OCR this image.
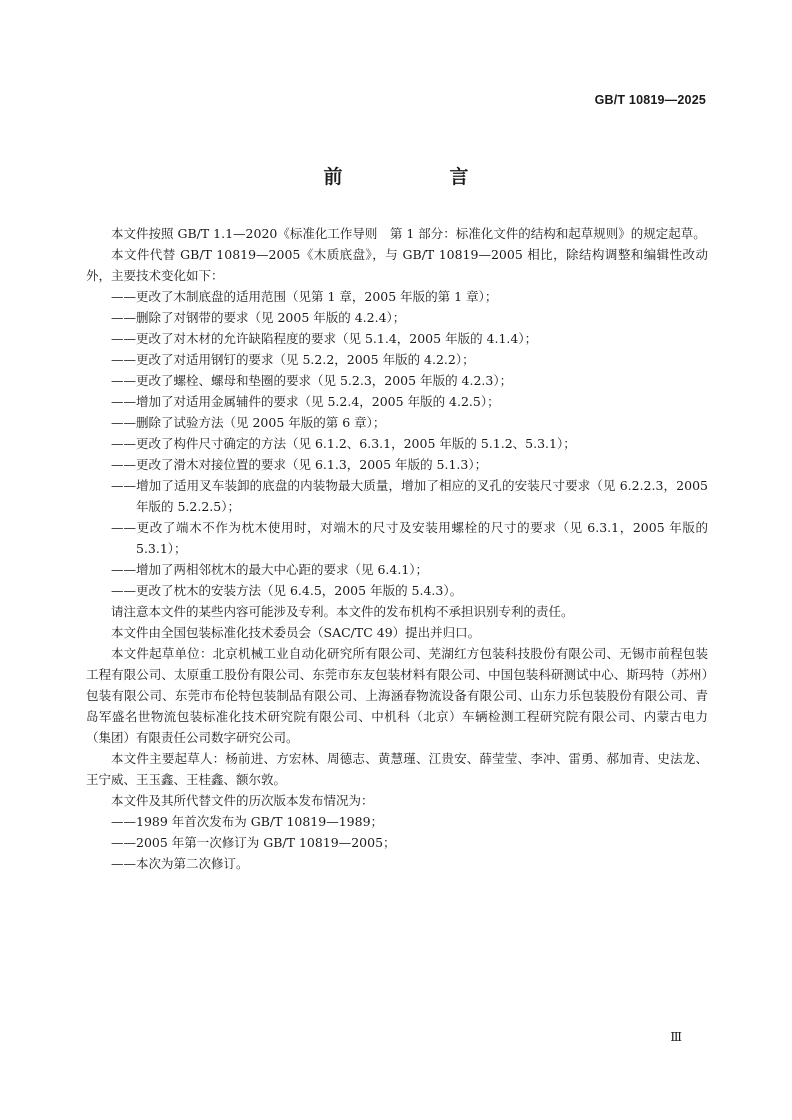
GB/T 10819—2025
前　言

本文件按照 GB/T 1.1—2020《标准化工作导则　第 1 部分：标准化文件的结构和起草规则》的规定起草。

本文件代替 GB/T 10819—2005《木质底盘》，与 GB/T 10819—2005 相比，除结构调整和编辑性改动外，主要技术变化如下：

——更改了木制底盘的适用范围（见第 1 章，2005 年版的第 1 章）；

——删除了对钢带的要求（见 2005 年版的 4.2.4）；

——更改了对木材的允许缺陷程度的要求（见 5.1.4，2005 年版的 4.1.4）；

——更改了对适用钢钉的要求（见 5.2.2，2005 年版的 4.2.2）；

——更改了螺栓、螺母和垫圈的要求（见 5.2.3，2005 年版的 4.2.3）；

——增加了对适用金属辅件的要求（见 5.2.4，2005 年版的 4.2.5）；

——删除了试验方法（见 2005 年版的第 6 章）；

——更改了构件尺寸确定的方法（见 6.1.2、6.3.1，2005 年版的 5.1.2、5.3.1）；

——更改了滑木对接位置的要求（见 6.1.3，2005 年版的 5.1.3）；

——增加了适用叉车装卸的底盘的内装物最大质量，增加了相应的叉孔的安装尺寸要求（见 6.2.2.3，2005 年版的 5.2.2.5）；

——更改了端木不作为枕木使用时，对端木的尺寸及安装用螺栓的尺寸的要求（见 6.3.1，2005 年版的 5.3.1）；

——增加了两相邻枕木的最大中心距的要求（见 6.4.1）；

——更改了枕木的安装方法（见 6.4.5，2005 年版的 5.4.3）。

请注意本文件的某些内容可能涉及专利。本文件的发布机构不承担识别专利的责任。

本文件由全国包装标准化技术委员会（SAC/TC 49）提出并归口。

本文件起草单位：北京机械工业自动化研究所有限公司、芜湖红方包装科技股份有限公司、无锡市前程包装工程有限公司、太原重工股份有限公司、东莞市东友包装材料有限公司、中国包装科研测试中心、斯玛特（苏州）包装有限公司、东莞市布伦特包装制品有限公司、上海涵春物流设备有限公司、山东力乐包装股份有限公司、青岛军盛名世物流包装标准化技术研究院有限公司、中机科（北京）车辆检测工程研究院有限公司、内蒙古电力（集团）有限责任公司数字研究公司。

本文件主要起草人：杨前进、方宏林、周德志、黄慧瑾、江贵安、薛莹莹、李冲、雷勇、郝加青、史法龙、王宁威、王玉鑫、王桂鑫、额尔敦。

本文件及其所代替文件的历次版本发布情况为：

——1989 年首次发布为 GB/T 10819—1989；

——2005 年第一次修订为 GB/T 10819—2005；

——本次为第二次修订。

Ⅲ
